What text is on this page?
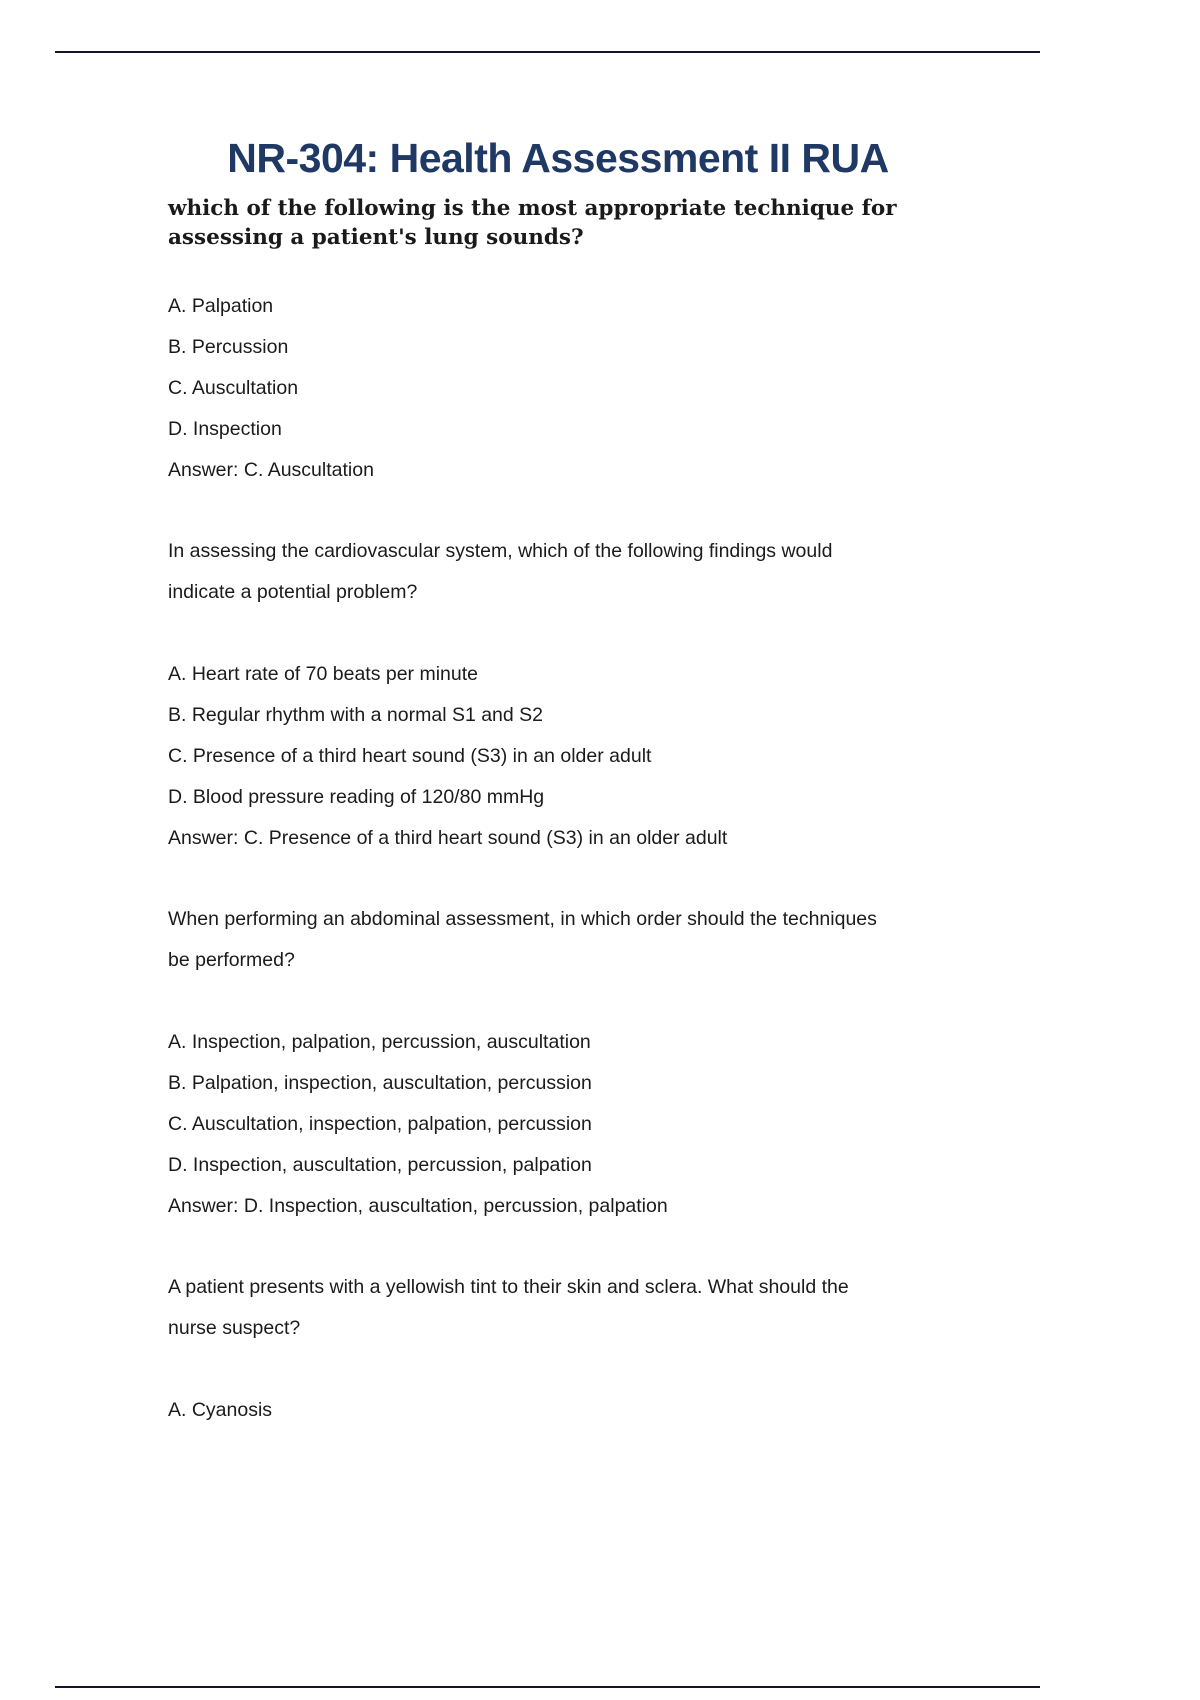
NR-304: Health Assessment II RUA

which of the following is the most appropriate technique for

assessing a patient's lung sounds?

A. Palpation

B. Percussion

C. Auscultation

D. Inspection

Answer: C. Auscultation

In assessing the cardiovascular system, which of the following findings would

indicate a potential problem?

A. Heart rate of 70 beats per minute

B. Regular rhythm with a normal S1 and S2

C. Presence of a third heart sound (S3) in an older adult

D. Blood pressure reading of 120/80 mmHg

Answer: C. Presence of a third heart sound (S3) in an older adult

When performing an abdominal assessment, in which order should the techniques

be performed?

A. Inspection, palpation, percussion, auscultation

B. Palpation, inspection, auscultation, percussion

C. Auscultation, inspection, palpation, percussion

D. Inspection, auscultation, percussion, palpation

Answer: D. Inspection, auscultation, percussion, palpation

A patient presents with a yellowish tint to their skin and sclera. What should the

nurse suspect?

A. Cyanosis
